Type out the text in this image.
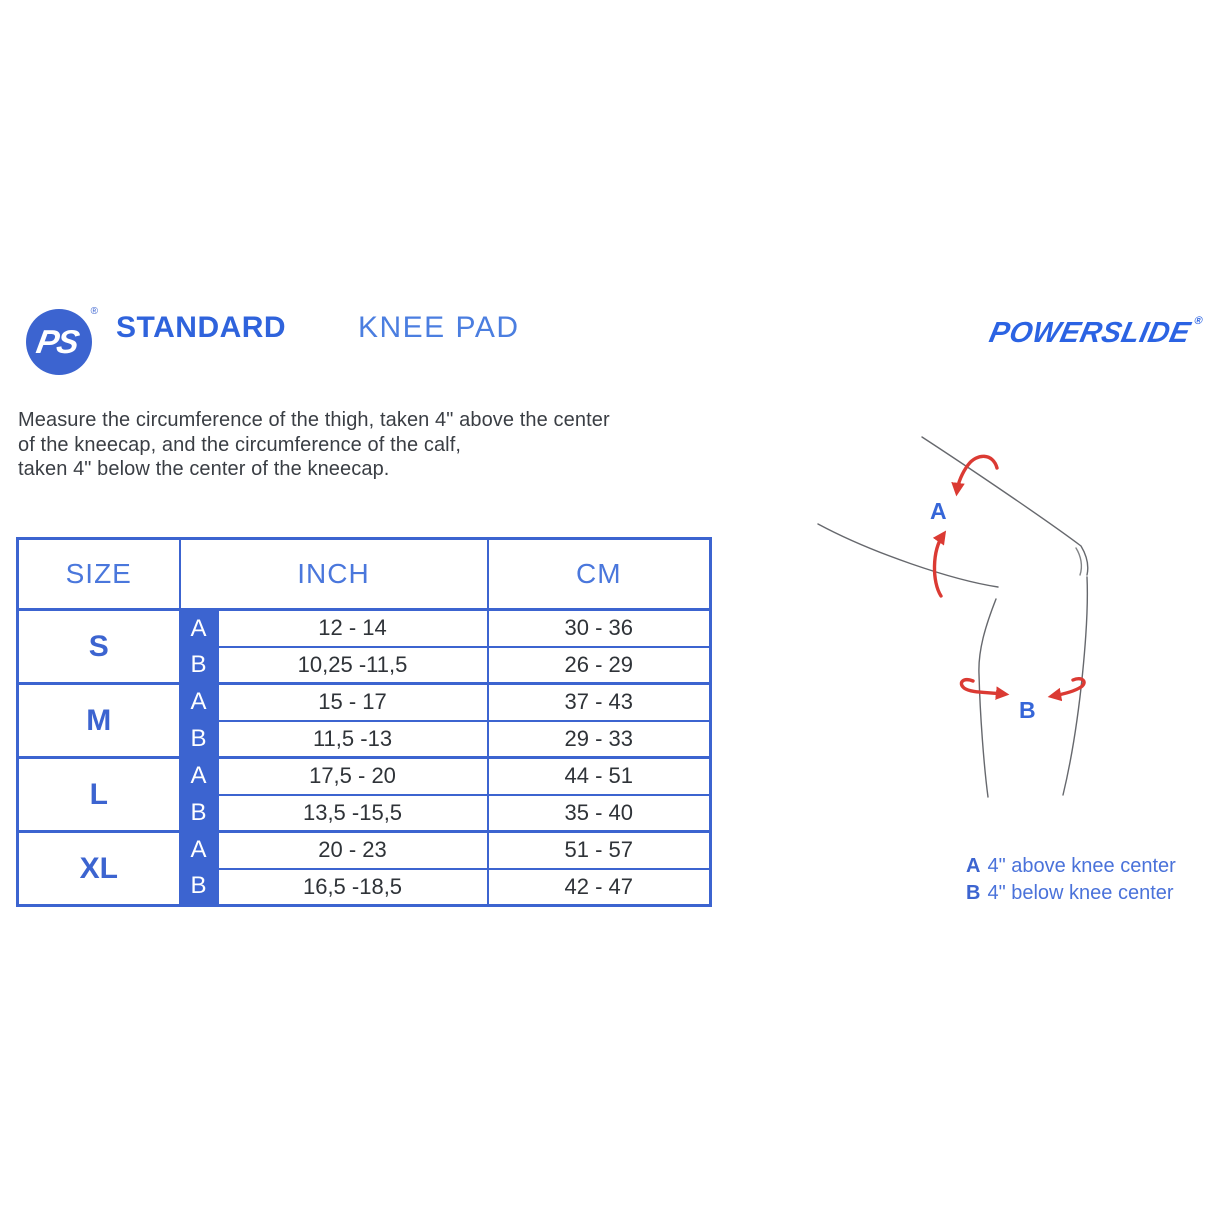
PS
® STANDARD KNEE PAD	POWERSLIDE®
Measure the circumference of the thigh, taken 4" above the center
of the kneecap, and the circumference of the calf,
taken 4" below the center of the kneecap.
SIZE	INCH		CM
S	A	12 - 14	30 - 36
	B	10,25 -11,5	26 - 29
M	A	15 - 17	37 - 43
	B	11,5 -13	29 - 33
L	A	17,5 - 20	44 - 51
	B	13,5 -15,5	35 - 40
XL	A	20 - 23	51 - 57
	B	16,5 -18,5	42 - 47
A
B
A 4" above knee center
B 4" below knee center
